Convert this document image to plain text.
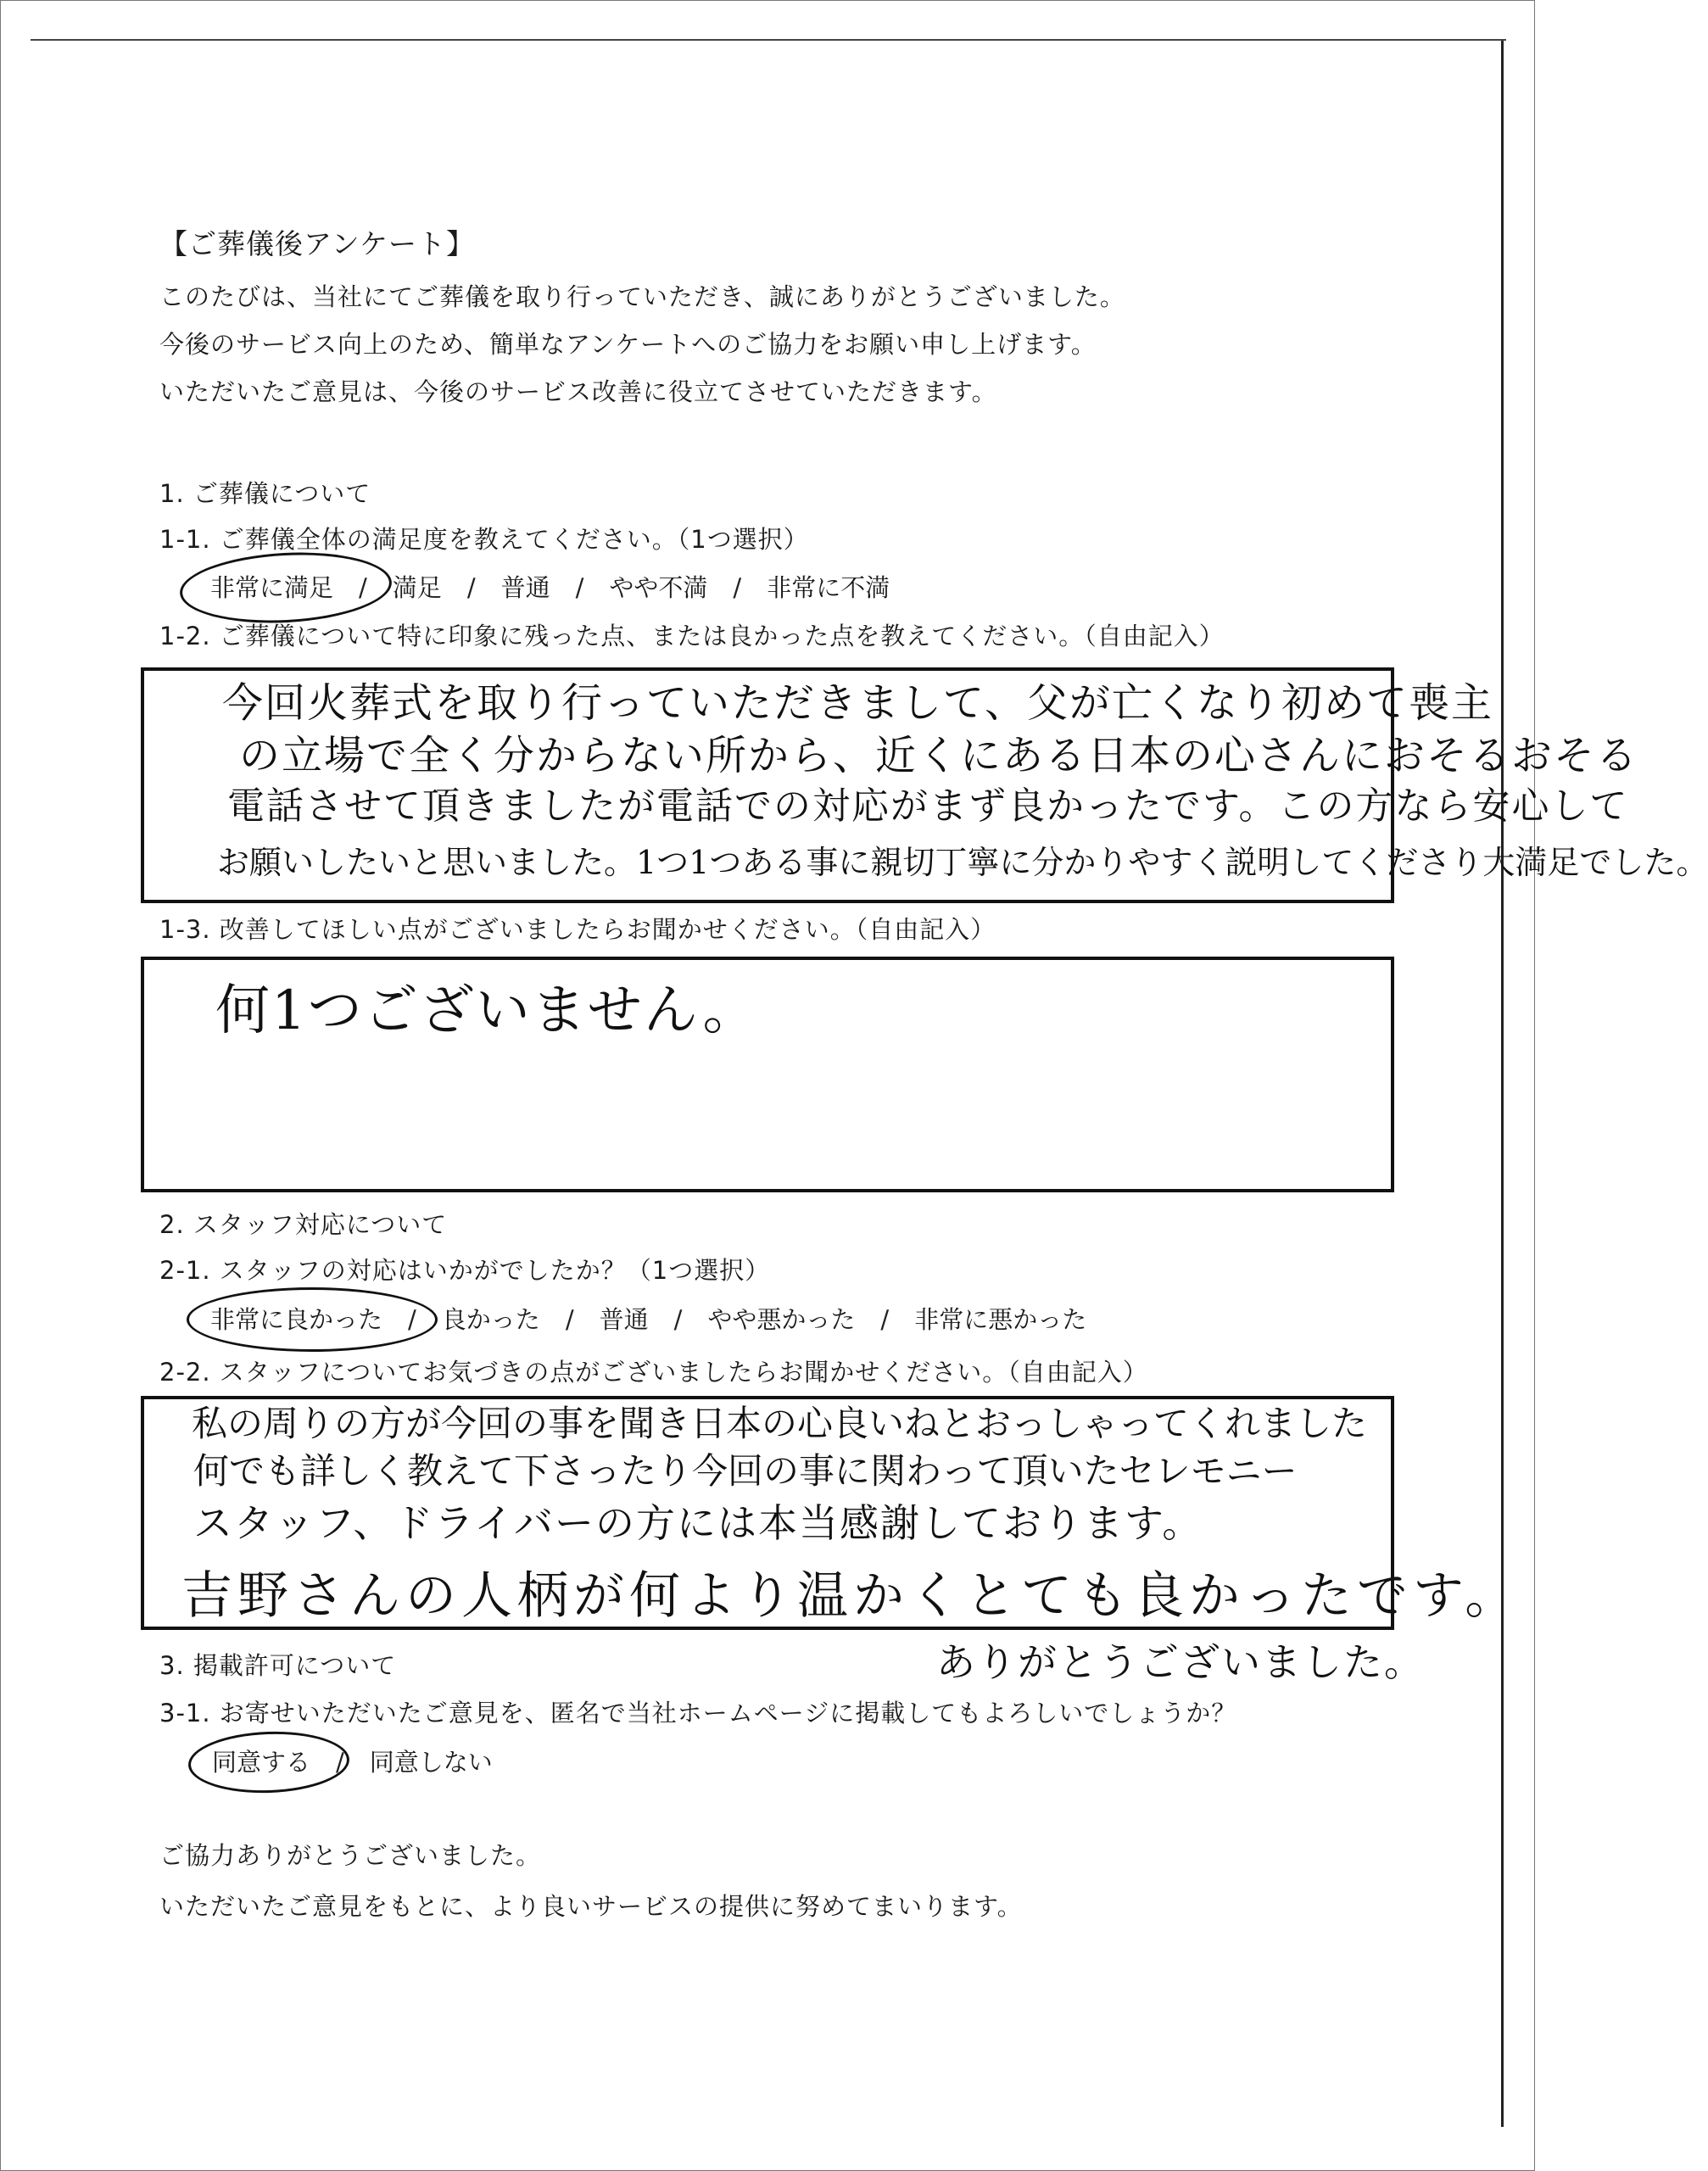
【ご葬儀後アンケート】
このたびは、当社にてご葬儀を取り行っていただき、誠にありがとうございました。
今後のサービス向上のため、簡単なアンケートへのご協力をお願い申し上げます。
いただいたご意見は、今後のサービス改善に役立てさせていただきます。
1. ご葬儀について
1-1. ご葬儀全体の満足度を教えてください。（1つ選択）
非常に満足 / 満足 / 普通 / やや不満 / 非常に不満
1-2. ご葬儀について特に印象に残った点、または良かった点を教えてください。（自由記入）
今回火葬式を取り行っていただきまして、父が亡くなり初めて喪主
の立場で全く分からない所から、近くにある日本の心さんにおそるおそる
電話させて頂きましたが電話での対応がまず良かったです。この方なら安心して
お願いしたいと思いました。1つ1つある事に親切丁寧に分かりやすく説明してくださり大満足でした。
1-3. 改善してほしい点がございましたらお聞かせください。（自由記入）
何1つございません。
2. スタッフ対応について
2-1. スタッフの対応はいかがでしたか？（1つ選択）
非常に良かった / 良かった / 普通 / やや悪かった / 非常に悪かった
2-2. スタッフについてお気づきの点がございましたらお聞かせください。（自由記入）
私の周りの方が今回の事を聞き日本の心良いねとおっしゃってくれました
何でも詳しく教えて下さったり今回の事に関わって頂いたセレモニー
スタッフ、ドライバーの方には本当感謝しております。
吉野さんの人柄が何より温かくとても良かったです。
ありがとうございました。
3. 掲載許可について
3-1. お寄せいただいたご意見を、匿名で当社ホームページに掲載してもよろしいでしょうか？
同意する / 同意しない
ご協力ありがとうございました。
いただいたご意見をもとに、より良いサービスの提供に努めてまいります。
